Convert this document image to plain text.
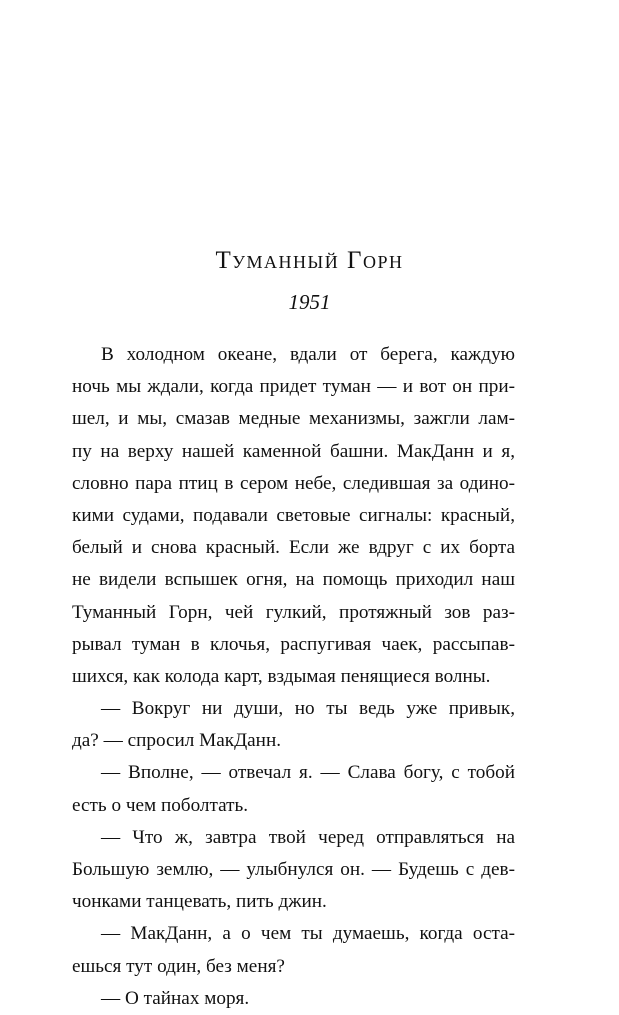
Туманный Горн
1951
В холодном океане, вдали от берега, каждую
ночь мы ждали, когда придет туман — и вот он при-
шел, и мы, смазав медные механизмы, зажгли лам-
пу на верху нашей каменной башни. МакДанн и я,
словно пара птиц в сером небе, следившая за одино-
кими судами, подавали световые сигналы: красный,
белый и снова красный. Если же вдруг с их борта
не видели вспышек огня, на помощь приходил наш
Туманный Горн, чей гулкий, протяжный зов раз-
рывал туман в клочья, распугивая чаек, рассыпав-
шихся, как колода карт, вздымая пенящиеся волны.
— Вокруг ни души, но ты ведь уже привык,
да? — спросил МакДанн.
— Вполне, — отвечал я. — Слава богу, с тобой
есть о чем поболтать.
— Что ж, завтра твой черед отправляться на
Большую землю, — улыбнулся он. — Будешь с дев-
чонками танцевать, пить джин.
— МакДанн, а о чем ты думаешь, когда оста-
ешься тут один, без меня?
— О тайнах моря.
